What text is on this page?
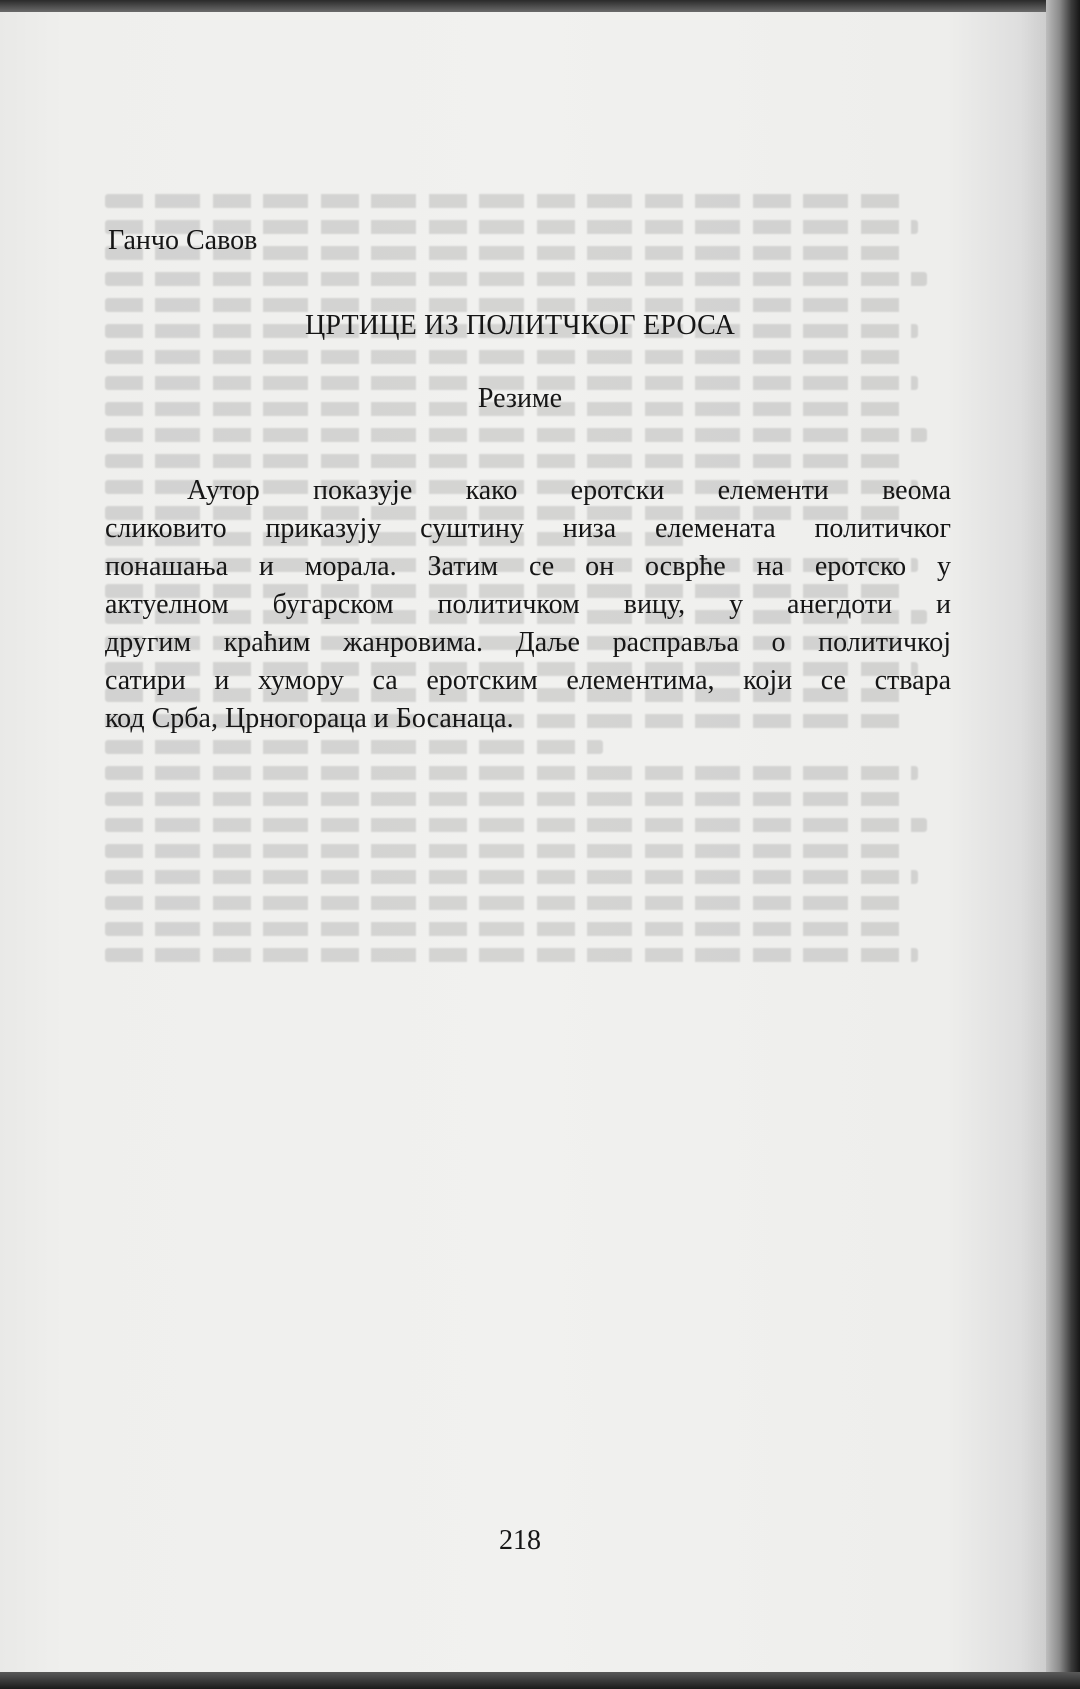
Ганчо Савов
ЦРТИЦЕ ИЗ ПОЛИТЧКОГ ЕРОСА
Резиме

Аутор показује како еротски елементи веома
сликовито приказују суштину низа елемената политичког
понашања и морала. Затим се он осврће на еротско у
актуелном бугарском политичком вицу, у анегдоти и
другим краћим жанровима. Даље расправља о политичкој
сатири и хумору са еротским елементима, који се ствара
код Срба, Црногораца и Босанаца.

218
